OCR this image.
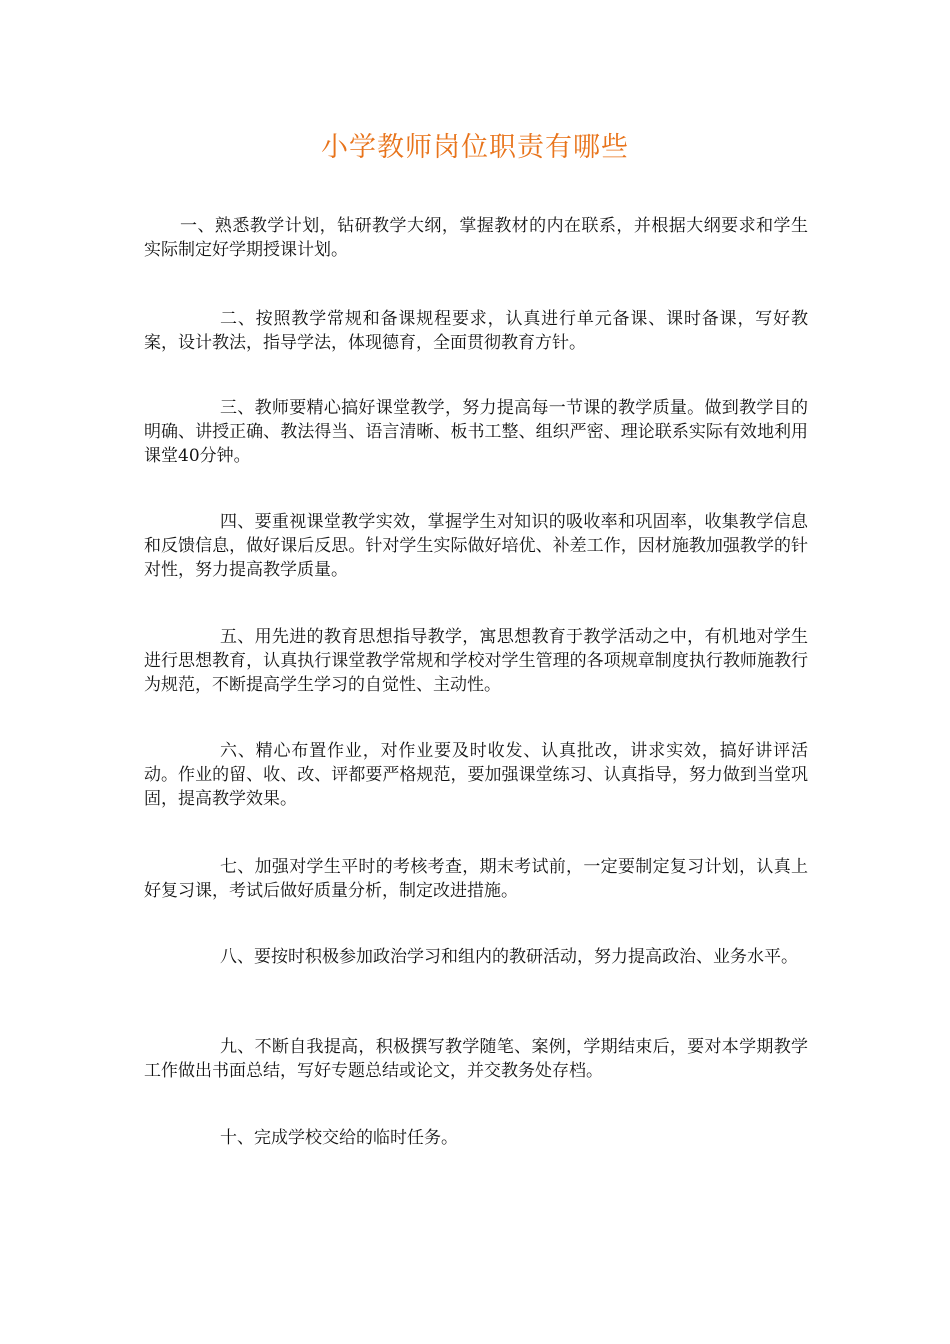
小学教师岗位职责有哪些

一、熟悉教学计划，钻研教学大纲，掌握教材的内在联系，并根据大纲要求和学生实际制定好学期授课计划。

二、按照教学常规和备课规程要求，认真进行单元备课、课时备课，写好教案，设计教法，指导学法，体现德育，全面贯彻教育方针。

三、教师要精心搞好课堂教学，努力提高每一节课的教学质量。做到教学目的明确、讲授正确、教法得当、语言清晰、板书工整、组织严密、理论联系实际有效地利用课堂40分钟。

四、要重视课堂教学实效，掌握学生对知识的吸收率和巩固率，收集教学信息和反馈信息，做好课后反思。针对学生实际做好培优、补差工作，因材施教加强教学的针对性，努力提高教学质量。

五、用先进的教育思想指导教学，寓思想教育于教学活动之中，有机地对学生进行思想教育，认真执行课堂教学常规和学校对学生管理的各项规章制度执行教师施教行为规范，不断提高学生学习的自觉性、主动性。

六、精心布置作业，对作业要及时收发、认真批改，讲求实效，搞好讲评活动。作业的留、收、改、评都要严格规范，要加强课堂练习、认真指导，努力做到当堂巩固，提高教学效果。

七、加强对学生平时的考核考查，期末考试前，一定要制定复习计划，认真上好复习课，考试后做好质量分析，制定改进措施。

八、要按时积极参加政治学习和组内的教研活动，努力提高政治、业务水平。

九、不断自我提高，积极撰写教学随笔、案例，学期结束后，要对本学期教学工作做出书面总结，写好专题总结或论文，并交教务处存档。

十、完成学校交给的临时任务。
